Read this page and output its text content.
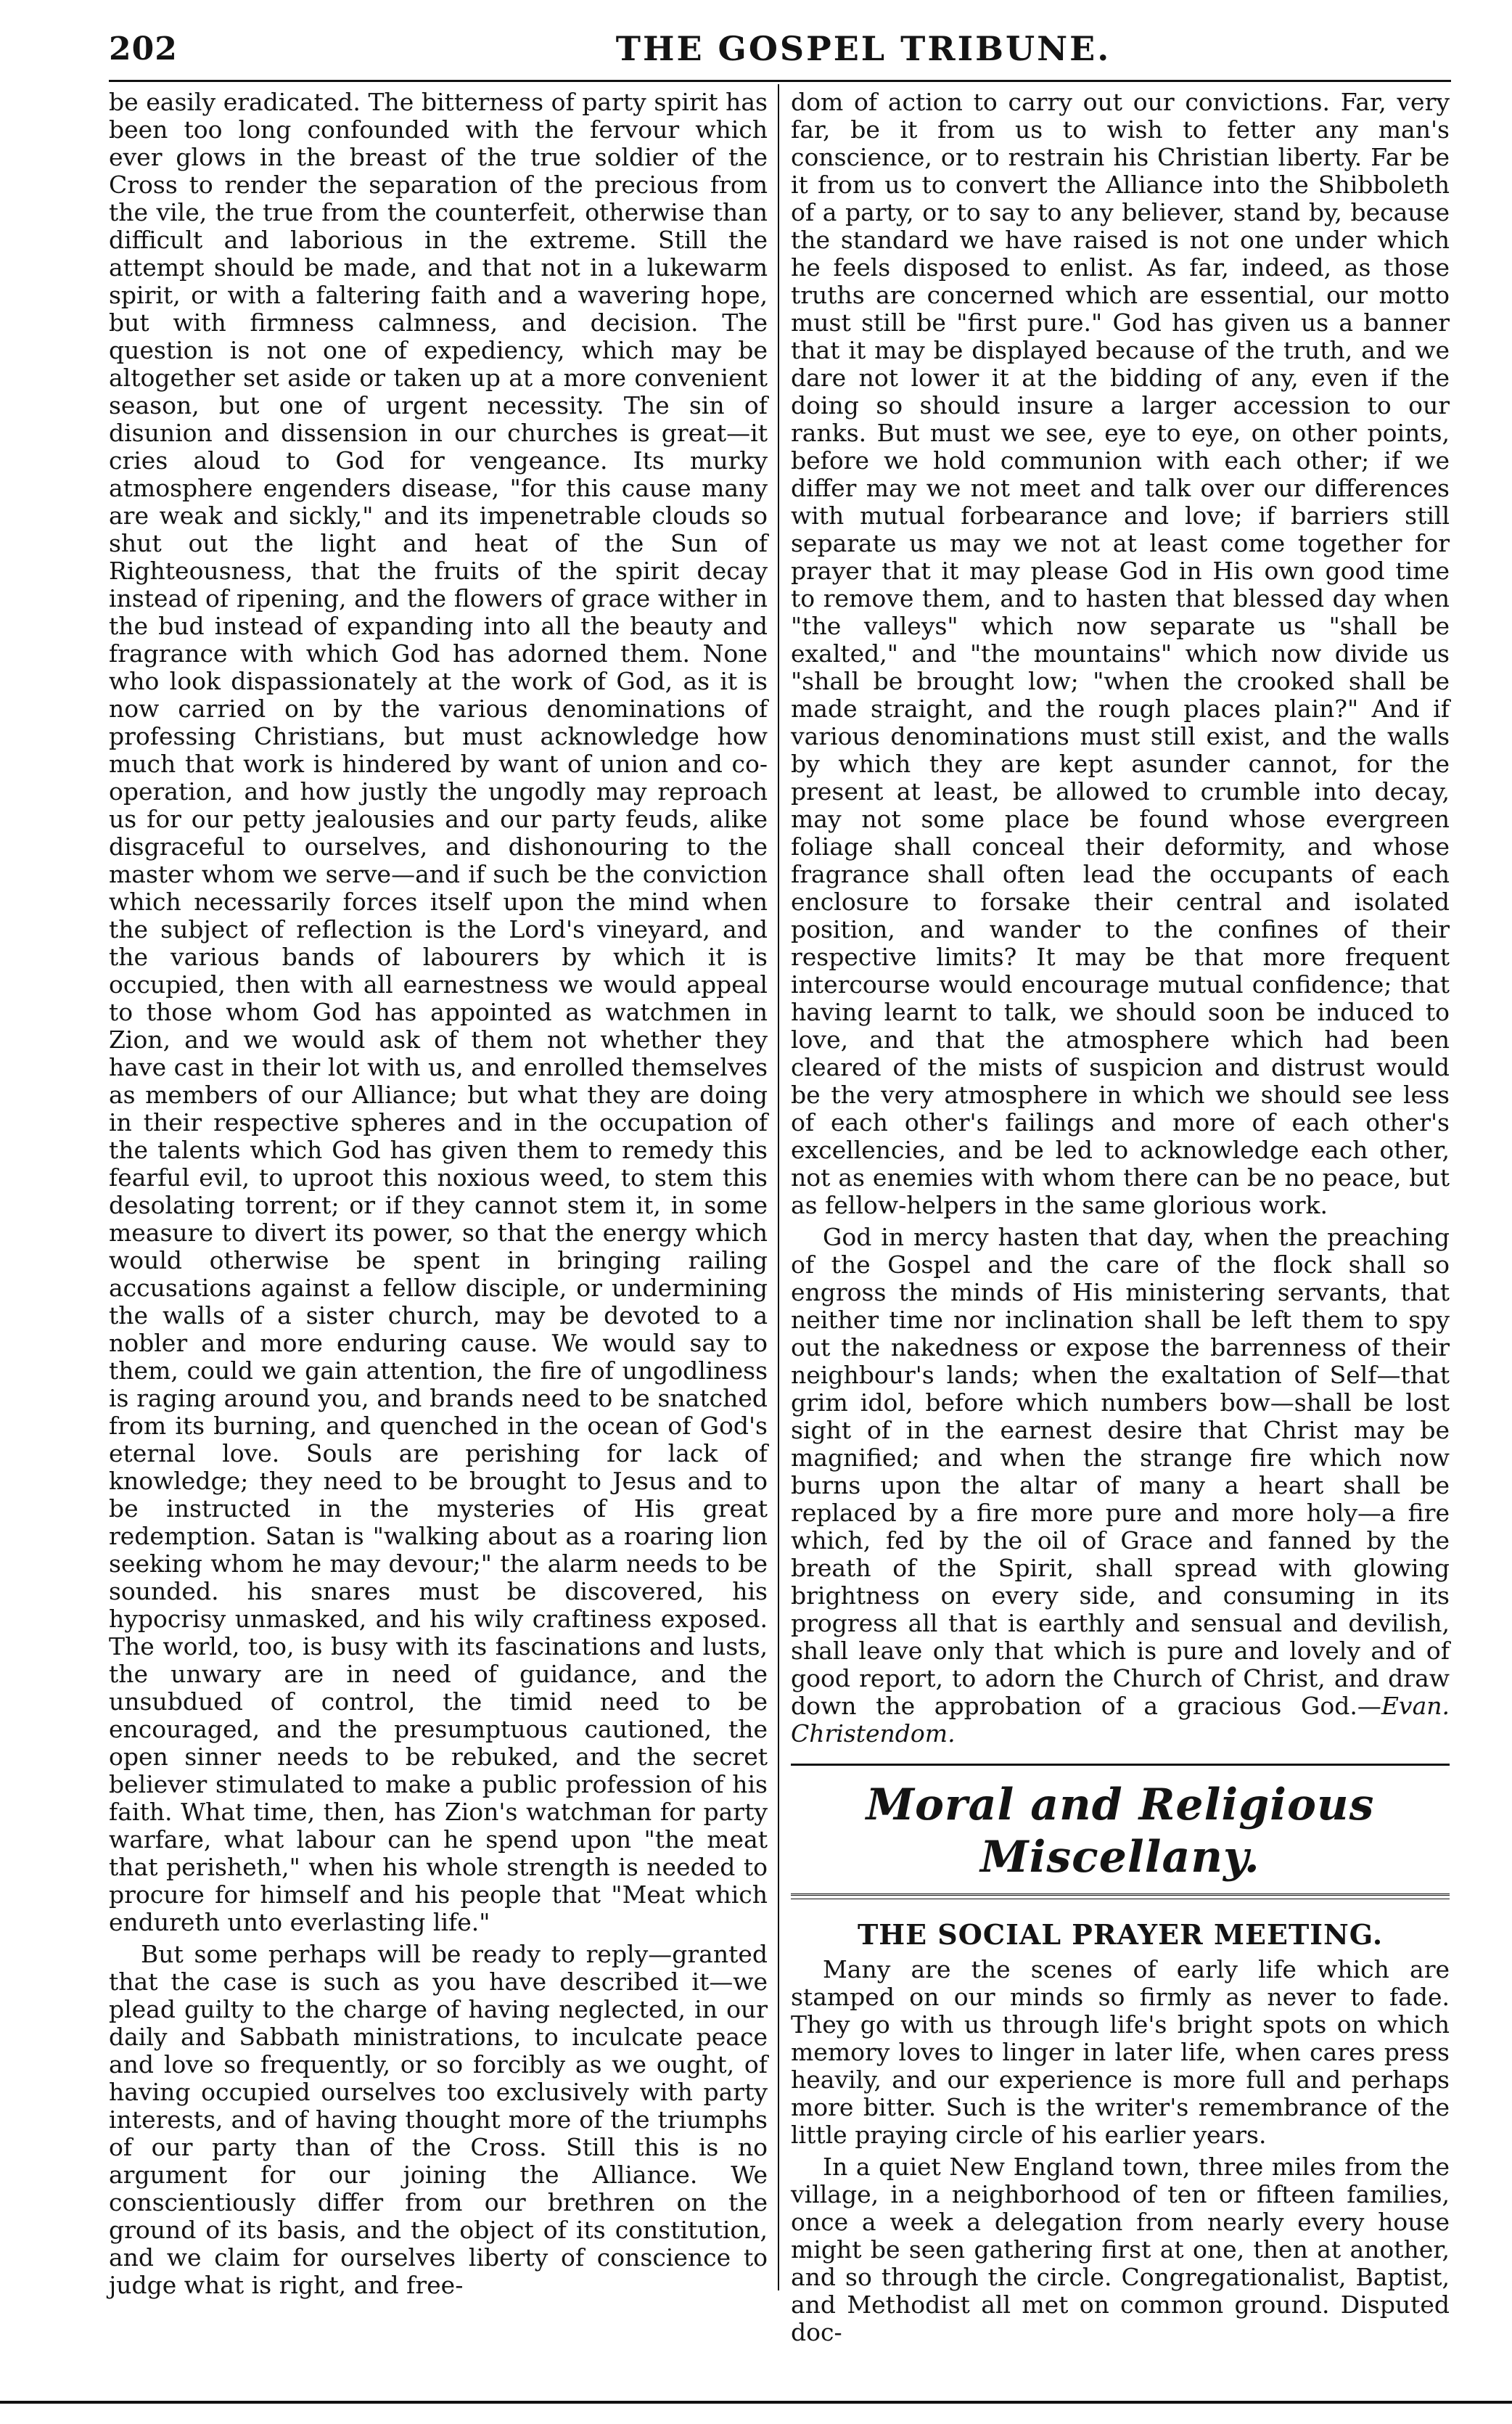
202	THE GOSPEL TRIBUNE.

be easily eradicated. The bitterness of party spirit has been too long confounded with the fervour which ever glows in the breast of the true soldier of the Cross to render the separation of the precious from the vile, the true from the counterfeit, otherwise than difficult and laborious in the extreme. Still the attempt should be made, and that not in a lukewarm spirit, or with a faltering faith and a wavering hope, but with firmness calmness, and decision. The question is not one of expediency, which may be altogether set aside or taken up at a more convenient season, but one of urgent necessity. The sin of disunion and dissension in our churches is great—it cries aloud to God for vengeance. Its murky atmosphere engenders disease, "for this cause many are weak and sickly," and its impenetrable clouds so shut out the light and heat of the Sun of Righteousness, that the fruits of the spirit decay instead of ripening, and the flowers of grace wither in the bud instead of expanding into all the beauty and fragrance with which God has adorned them. None who look dispassionately at the work of God, as it is now carried on by the various denominations of professing Christians, but must acknowledge how much that work is hindered by want of union and co-operation, and how justly the ungodly may reproach us for our petty jealousies and our party feuds, alike disgraceful to ourselves, and dishonouring to the master whom we serve—and if such be the conviction which necessarily forces itself upon the mind when the subject of reflection is the Lord's vineyard, and the various bands of labourers by which it is occupied, then with all earnestness we would appeal to those whom God has appointed as watchmen in Zion, and we would ask of them not whether they have cast in their lot with us, and enrolled themselves as members of our Alliance; but what they are doing in their respective spheres and in the occupation of the talents which God has given them to remedy this fearful evil, to uproot this noxious weed, to stem this desolating torrent; or if they cannot stem it, in some measure to divert its power, so that the energy which would otherwise be spent in bringing railing accusations against a fellow disciple, or undermining the walls of a sister church, may be devoted to a nobler and more enduring cause. We would say to them, could we gain attention, the fire of ungodliness is raging around you, and brands need to be snatched from its burning, and quenched in the ocean of God's eternal love. Souls are perishing for lack of knowledge; they need to be brought to Jesus and to be instructed in the mysteries of His great redemption. Satan is "walking about as a roaring lion seeking whom he may devour;" the alarm needs to be sounded. his snares must be discovered, his hypocrisy unmasked, and his wily craftiness exposed. The world, too, is busy with its fascinations and lusts, the unwary are in need of guidance, and the unsubdued of control, the timid need to be encouraged, and the presumptuous cautioned, the open sinner needs to be rebuked, and the secret believer stimulated to make a public profession of his faith. What time, then, has Zion's watchman for party warfare, what labour can he spend upon "the meat that perisheth," when his whole strength is needed to procure for himself and his people that "Meat which endureth unto everlasting life."

But some perhaps will be ready to reply—granted that the case is such as you have described it—we plead guilty to the charge of having neglected, in our daily and Sabbath ministrations, to inculcate peace and love so frequently, or so forcibly as we ought, of having occupied ourselves too exclusively with party interests, and of having thought more of the triumphs of our party than of the Cross. Still this is no argument for our joining the Alliance. We conscientiously differ from our brethren on the ground of its basis, and the object of its constitution, and we claim for ourselves liberty of conscience to judge what is right, and free-

dom of action to carry out our convictions. Far, very far, be it from us to wish to fetter any man's conscience, or to restrain his Christian liberty. Far be it from us to convert the Alliance into the Shibboleth of a party, or to say to any believer, stand by, because the standard we have raised is not one under which he feels disposed to enlist. As far, indeed, as those truths are concerned which are essential, our motto must still be "first pure." God has given us a banner that it may be displayed because of the truth, and we dare not lower it at the bidding of any, even if the doing so should insure a larger accession to our ranks. But must we see, eye to eye, on other points, before we hold communion with each other; if we differ may we not meet and talk over our differences with mutual forbearance and love; if barriers still separate us may we not at least come together for prayer that it may please God in His own good time to remove them, and to hasten that blessed day when "the valleys" which now separate us "shall be exalted," and "the mountains" which now divide us "shall be brought low; "when the crooked shall be made straight, and the rough places plain?" And if various denominations must still exist, and the walls by which they are kept asunder cannot, for the present at least, be allowed to crumble into decay, may not some place be found whose evergreen foliage shall conceal their deformity, and whose fragrance shall often lead the occupants of each enclosure to forsake their central and isolated position, and wander to the confines of their respective limits? It may be that more frequent intercourse would encourage mutual confidence; that having learnt to talk, we should soon be induced to love, and that the atmosphere which had been cleared of the mists of suspicion and distrust would be the very atmosphere in which we should see less of each other's failings and more of each other's excellencies, and be led to acknowledge each other, not as enemies with whom there can be no peace, but as fellow-helpers in the same glorious work.

God in mercy hasten that day, when the preaching of the Gospel and the care of the flock shall so engross the minds of His ministering servants, that neither time nor inclination shall be left them to spy out the nakedness or expose the barrenness of their neighbour's lands; when the exaltation of Self—that grim idol, before which numbers bow—shall be lost sight of in the earnest desire that Christ may be magnified; and when the strange fire which now burns upon the altar of many a heart shall be replaced by a fire more pure and more holy—a fire which, fed by the oil of Grace and fanned by the breath of the Spirit, shall spread with glowing brightness on every side, and consuming in its progress all that is earthly and sensual and devilish, shall leave only that which is pure and lovely and of good report, to adorn the Church of Christ, and draw down the approbation of a gracious God.—Evan. Christendom.

Moral and Religious Miscellany.
THE SOCIAL PRAYER MEETING.

Many are the scenes of early life which are stamped on our minds so firmly as never to fade. They go with us through life's bright spots on which memory loves to linger in later life, when cares press heavily, and our experience is more full and perhaps more bitter. Such is the writer's remembrance of the little praying circle of his earlier years.

In a quiet New England town, three miles from the village, in a neighborhood of ten or fifteen families, once a week a delegation from nearly every house might be seen gathering first at one, then at another, and so through the circle. Congregationalist, Baptist, and Methodist all met on common ground. Disputed doc-
